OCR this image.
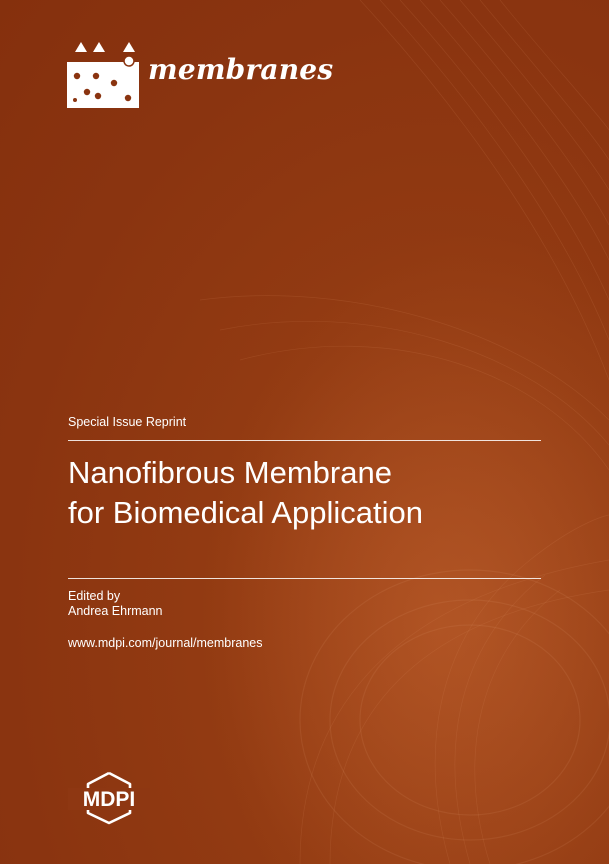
membranes
Special Issue Reprint
Nanofibrous Membrane
for Biomedical Application
Edited by
Andrea Ehrmann
www.mdpi.com/journal/membranes
MDPI
